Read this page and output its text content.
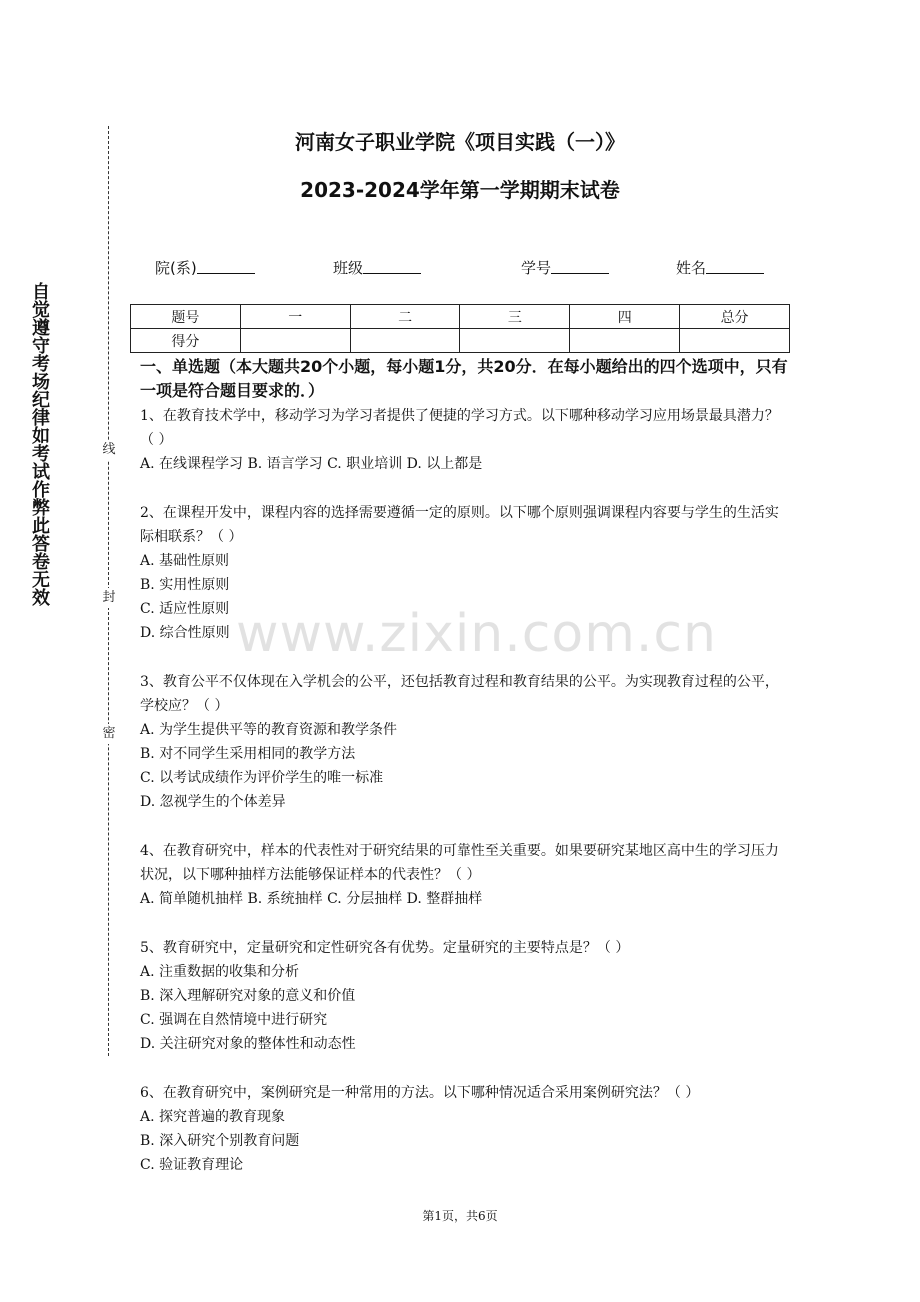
自觉遵守考场纪律如考试作弊此答卷无效	线
封
密
河南女子职业学院《项目实践（一）》
2023-2024学年第一学期期末试卷
院(系)	班级	学号	姓名
题号	一	二	三	四	总分
得分					
一、单选题（本大题共20个小题，每小题1分，共20分．在每小题给出的四个选项中，只有一项是符合题目要求的．）

1、在教育技术学中，移动学习为学习者提供了便捷的学习方式。以下哪种移动学习应用场景最具潜力？（ ）

A. 在线课程学习 B. 语言学习 C. 职业培训 D. 以上都是

2、在课程开发中，课程内容的选择需要遵循一定的原则。以下哪个原则强调课程内容要与学生的生活实际相联系？（ ）

A. 基础性原则

B. 实用性原则

C. 适应性原则

D. 综合性原则

3、教育公平不仅体现在入学机会的公平，还包括教育过程和教育结果的公平。为实现教育过程的公平，学校应？（ ）

A. 为学生提供平等的教育资源和教学条件

B. 对不同学生采用相同的教学方法

C. 以考试成绩作为评价学生的唯一标准

D. 忽视学生的个体差异

4、在教育研究中，样本的代表性对于研究结果的可靠性至关重要。如果要研究某地区高中生的学习压力状况，以下哪种抽样方法能够保证样本的代表性？（ ）

A. 简单随机抽样 B. 系统抽样 C. 分层抽样 D. 整群抽样

5、教育研究中，定量研究和定性研究各有优势。定量研究的主要特点是？（ ）

A. 注重数据的收集和分析

B. 深入理解研究对象的意义和价值

C. 强调在自然情境中进行研究

D. 关注研究对象的整体性和动态性

6、在教育研究中，案例研究是一种常用的方法。以下哪种情况适合采用案例研究法？（ ）

A. 探究普遍的教育现象

B. 深入研究个别教育问题

C. 验证教育理论

www.zixin.com.cn
第1页，共6页
